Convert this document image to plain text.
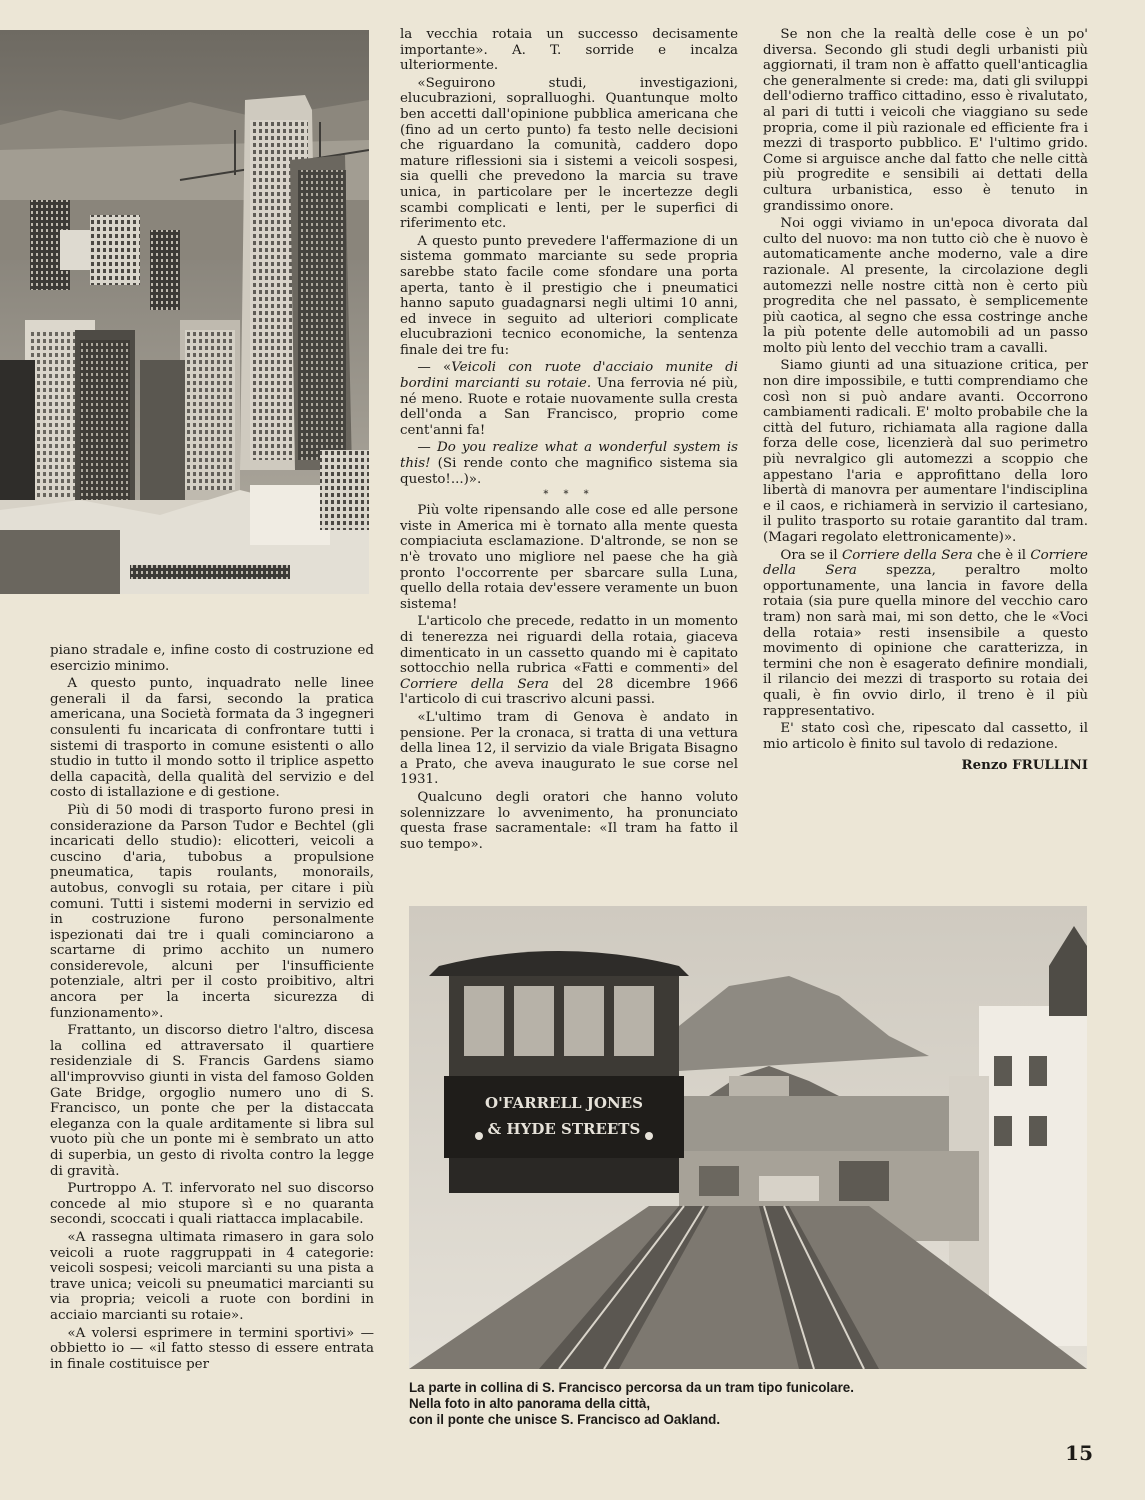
piano stradale e, infine costo di costruzione ed esercizio minimo.

A questo punto, inquadrato nelle linee generali il da farsi, secondo la pratica americana, una Società formata da 3 ingegneri consulenti fu incaricata di confrontare tutti i sistemi di trasporto in comune esistenti o allo studio in tutto il mondo sotto il triplice aspetto della capacità, della qualità del servizio e del costo di istallazione e di gestione.

Più di 50 modi di trasporto furono presi in considerazione da Parson Tudor e Bechtel (gli incaricati dello studio): elicotteri, veicoli a cuscino d'aria, tubobus a propulsione pneumatica, tapis roulants, monorails, autobus, convogli su rotaia, per citare i più comuni. Tutti i sistemi moderni in servizio ed in costruzione furono personalmente ispezionati dai tre i quali cominciarono a scartarne di primo acchito un numero considerevole, alcuni per l'insufficiente potenziale, altri per il costo proibitivo, altri ancora per la incerta sicurezza di funzionamento».

Frattanto, un discorso dietro l'altro, discesa la collina ed attraversato il quartiere residenziale di S. Francis Gardens siamo all'improvviso giunti in vista del famoso Golden Gate Bridge, orgoglio numero uno di S. Francisco, un ponte che per la distaccata eleganza con la quale arditamente si libra sul vuoto più che un ponte mi è sembrato un atto di superbia, un gesto di rivolta contro la legge di gravità.

Purtroppo A. T. infervorato nel suo discorso concede al mio stupore sì e no quaranta secondi, scoccati i quali riattacca implacabile.

«A rassegna ultimata rimasero in gara solo veicoli a ruote raggruppati in 4 categorie: veicoli sospesi; veicoli marcianti su una pista a trave unica; veicoli su pneumatici marcianti su via propria; veicoli a ruote con bordini in acciaio marcianti su rotaie».

«A volersi esprimere in termini sportivi» — obbietto io — «il fatto stesso di essere entrata in finale costituisce per

la vecchia rotaia un successo decisamente importante». A. T. sorride e incalza ulteriormente.

«Seguirono studi, investigazioni, elucubrazioni, sopralluoghi. Quantunque molto ben accetti dall'opinione pubblica americana che (fino ad un certo punto) fa testo nelle decisioni che riguardano la comunità, caddero dopo mature riflessioni sia i sistemi a veicoli sospesi, sia quelli che prevedono la marcia su trave unica, in particolare per le incertezze degli scambi complicati e lenti, per le superfici di riferimento etc.

A questo punto prevedere l'affermazione di un sistema gommato marciante su sede propria sarebbe stato facile come sfondare una porta aperta, tanto è il prestigio che i pneumatici hanno saputo guadagnarsi negli ultimi 10 anni, ed invece in seguito ad ulteriori complicate elucubrazioni tecnico economiche, la sentenza finale dei tre fu:

— «Veicoli con ruote d'acciaio munite di bordini marcianti su rotaie. Una ferrovia né più, né meno. Ruote e rotaie nuovamente sulla cresta dell'onda a San Francisco, proprio come cent'anni fa!

— Do you realize what a wonderful system is this! (Si rende conto che magnifico sistema sia questo!...)».

* * *

Più volte ripensando alle cose ed alle persone viste in America mi è tornato alla mente questa compiaciuta esclamazione. D'altronde, se non se n'è trovato uno migliore nel paese che ha già pronto l'occorrente per sbarcare sulla Luna, quello della rotaia dev'essere veramente un buon sistema!

L'articolo che precede, redatto in un momento di tenerezza nei riguardi della rotaia, giaceva dimenticato in un cassetto quando mi è capitato sottocchio nella rubrica «Fatti e commenti» del Corriere della Sera del 28 dicembre 1966 l'articolo di cui trascrivo alcuni passi.

«L'ultimo tram di Genova è andato in pensione. Per la cronaca, si tratta di una vettura della linea 12, il servizio da viale Brigata Bisagno a Prato, che aveva inaugurato le sue corse nel 1931.

Qualcuno degli oratori che hanno voluto solennizzare lo avvenimento, ha pronunciato questa frase sacramentale: «Il tram ha fatto il suo tempo».

Se non che la realtà delle cose è un po' diversa. Secondo gli studi degli urbanisti più aggiornati, il tram non è affatto quell'anticaglia che generalmente si crede: ma, dati gli sviluppi dell'odierno traffico cittadino, esso è rivalutato, al pari di tutti i veicoli che viaggiano su sede propria, come il più razionale ed efficiente fra i mezzi di trasporto pubblico. E' l'ultimo grido. Come si arguisce anche dal fatto che nelle città più progredite e sensibili ai dettati della cultura urbanistica, esso è tenuto in grandissimo onore.

Noi oggi viviamo in un'epoca divorata dal culto del nuovo: ma non tutto ciò che è nuovo è automaticamente anche moderno, vale a dire razionale. Al presente, la circolazione degli automezzi nelle nostre città non è certo più progredita che nel passato, è semplicemente più caotica, al segno che essa costringe anche la più potente delle automobili ad un passo molto più lento del vecchio tram a cavalli.

Siamo giunti ad una situazione critica, per non dire impossibile, e tutti comprendiamo che così non si può andare avanti. Occorrono cambiamenti radicali. E' molto probabile che la città del futuro, richiamata alla ragione dalla forza delle cose, licenzierà dal suo perimetro più nevralgico gli automezzi a scoppio che appestano l'aria e approfittano della loro libertà di manovra per aumentare l'indisciplina e il caos, e richiamerà in servizio il cartesiano, il pulito trasporto su rotaie garantito dal tram. (Magari regolato elettronicamente)».

Ora se il Corriere della Sera che è il Corriere della Sera spezza, peraltro molto opportunamente, una lancia in favore della rotaia (sia pure quella minore del vecchio caro tram) non sarà mai, mi son detto, che le «Voci della rotaia» resti insensibile a questo movimento di opinione che caratterizza, in termini che non è esagerato definire mondiali, il rilancio dei mezzi di trasporto su rotaia dei quali, è fin ovvio dirlo, il treno è il più rappresentativo.

E' stato così che, ripescato dal cassetto, il mio articolo è finito sul tavolo di redazione.

Renzo FRULLINI
O'FARRELL JONES
& HYDE STREETS
La parte in collina di S. Francisco percorsa da un tram tipo funicolare.
Nella foto in alto panorama della città,
con il ponte che unisce S. Francisco ad Oakland.
15
